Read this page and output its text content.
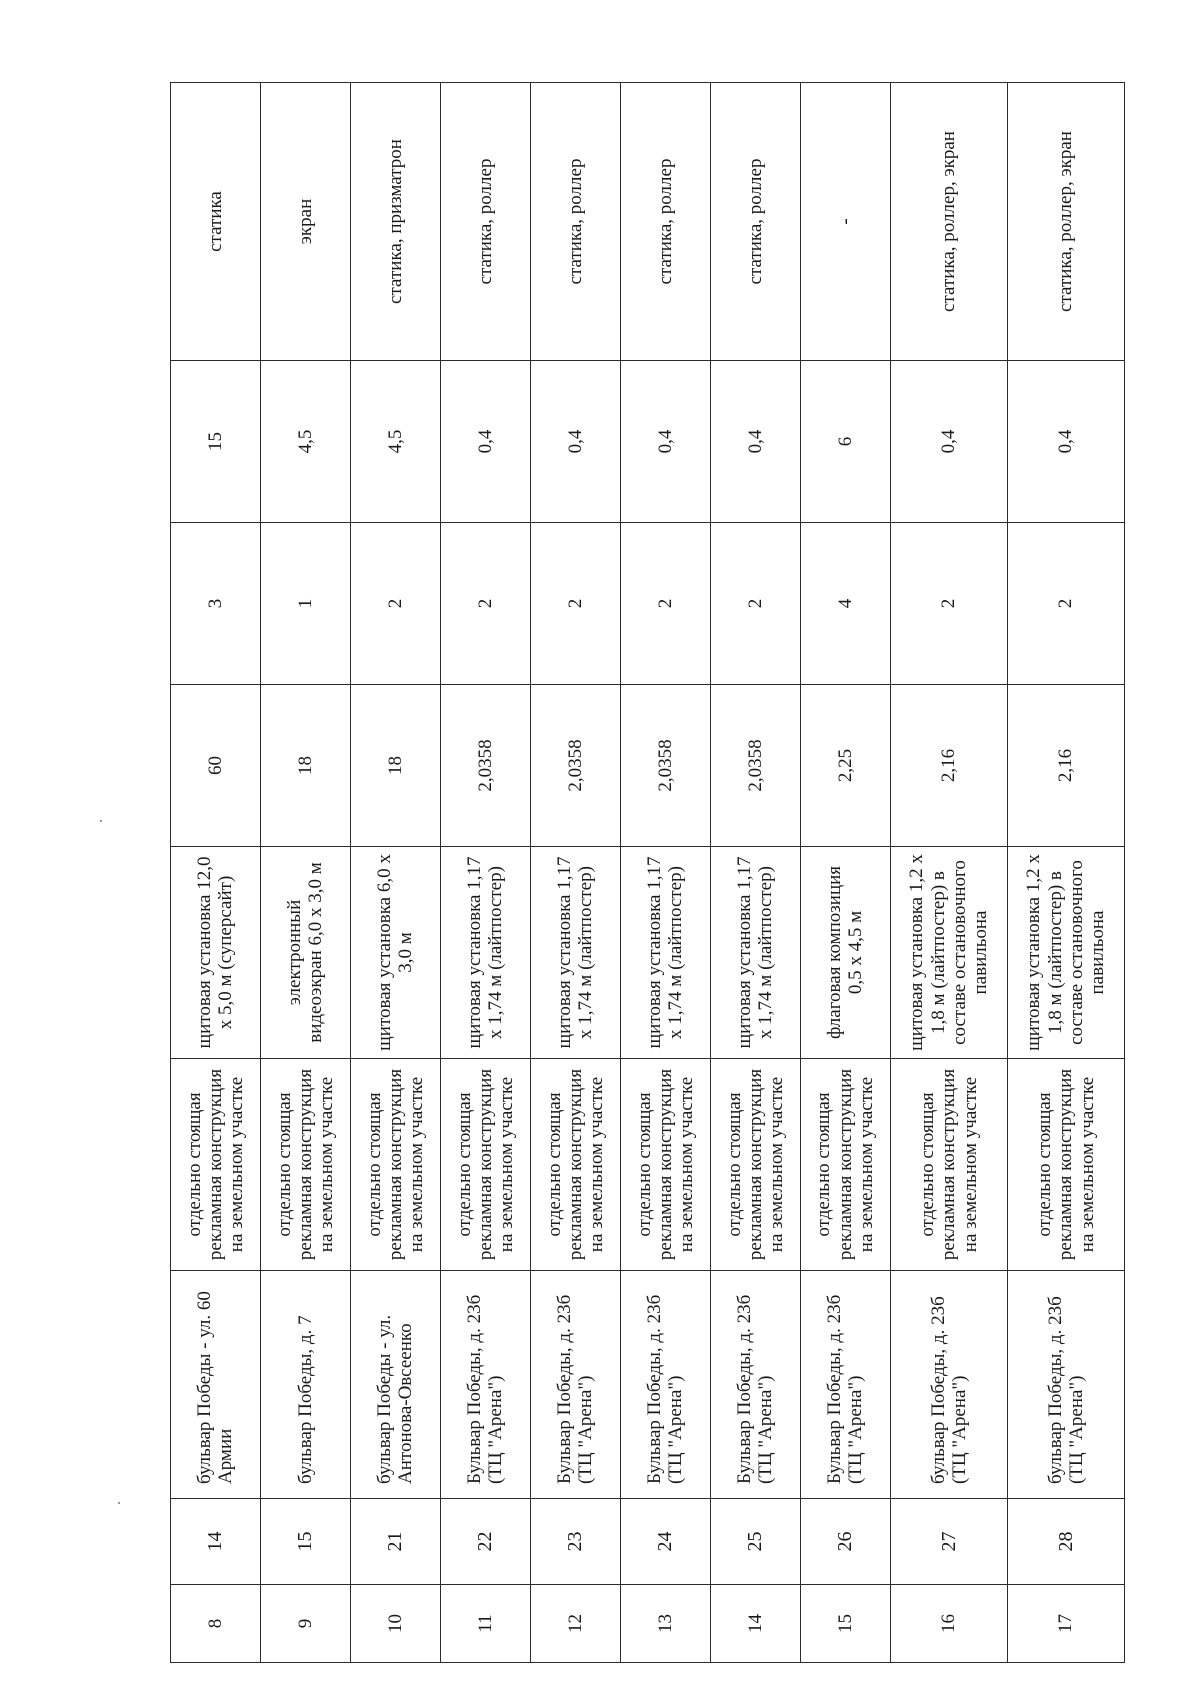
8	14	бульвар Победы - ул. 60 Армии	отдельно стоящая рекламная конструкция на земельном участке	щитовая установка 12,0 х 5,0 м (суперсайт)	60	3	15	статика
9	15	бульвар Победы, д. 7	отдельно стоящая рекламная конструкция на земельном участке	электронный видеоэкран 6,0 х 3,0 м	18	1	4,5	экран
10	21	бульвар Победы - ул. Антонова-Овсеенко	отдельно стоящая рекламная конструкция на земельном участке	щитовая установка 6,0 х 3,0 м	18	2	4,5	статика, призматрон
11	22	Бульвар Победы, д. 23б (ТЦ "Арена")	отдельно стоящая рекламная конструкция на земельном участке	щитовая установка 1,17 х 1,74 м (лайтпостер)	2,0358	2	0,4	статика, роллер
12	23	Бульвар Победы, д. 23б (ТЦ "Арена")	отдельно стоящая рекламная конструкция на земельном участке	щитовая установка 1,17 х 1,74 м (лайтпостер)	2,0358	2	0,4	статика, роллер
13	24	Бульвар Победы, д. 23б (ТЦ "Арена")	отдельно стоящая рекламная конструкция на земельном участке	щитовая установка 1,17 х 1,74 м (лайтпостер)	2,0358	2	0,4	статика, роллер
14	25	Бульвар Победы, д. 23б (ТЦ "Арена")	отдельно стоящая рекламная конструкция на земельном участке	щитовая установка 1,17 х 1,74 м (лайтпостер)	2,0358	2	0,4	статика, роллер
15	26	Бульвар Победы, д. 23б (ТЦ "Арена")	отдельно стоящая рекламная конструкция на земельном участке	флаговая композиция 0,5 х 4,5 м	2,25	4	6	-
16	27	бульвар Победы, д. 23б (ТЦ "Арена")	отдельно стоящая рекламная конструкция на земельном участке	щитовая установка 1,2 х 1,8 м (лайтпостер) в составе остановочного павильона	2,16	2	0,4	статика, роллер, экран
17	28	бульвар Победы, д. 23б (ТЦ "Арена")	отдельно стоящая рекламная конструкция на земельном участке	щитовая установка 1,2 х 1,8 м (лайтпостер) в составе остановочного павильона	2,16	2	0,4	статика, роллер, экран
